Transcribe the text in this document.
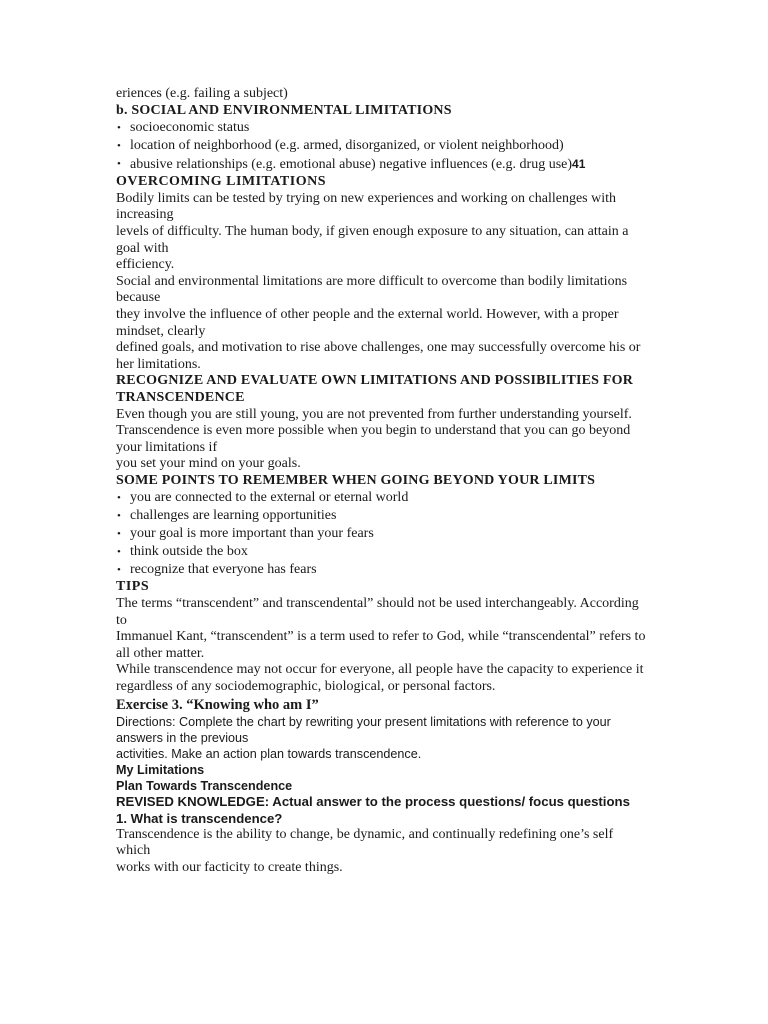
eriences (e.g. failing a subject)

b. SOCIAL AND ENVIRONMENTAL LIMITATIONS

• socioeconomic status
• location of neighborhood (e.g. armed, disorganized, or violent neighborhood)
• abusive relationships (e.g. emotional abuse) negative influences (e.g. drug use)41

OVERCOMING LIMITATIONS

Bodily limits can be tested by trying on new experiences and working on challenges with increasing

levels of difficulty. The human body, if given enough exposure to any situation, can attain a goal with

efficiency.

Social and environmental limitations are more difficult to overcome than bodily limitations because

they involve the influence of other people and the external world. However, with a proper mindset, clearly

defined goals, and motivation to rise above challenges, one may successfully overcome his or her limitations.

RECOGNIZE AND EVALUATE OWN LIMITATIONS AND POSSIBILITIES FOR TRANSCENDENCE

Even though you are still young, you are not prevented from further understanding yourself.

Transcendence is even more possible when you begin to understand that you can go beyond your limitations if

you set your mind on your goals.

SOME POINTS TO REMEMBER WHEN GOING BEYOND YOUR LIMITS

• you are connected to the external or eternal world
• challenges are learning opportunities
• your goal is more important than your fears
• think outside the box
• recognize that everyone has fears

TIPS

The terms “transcendent” and transcendental” should not be used interchangeably. According to

Immanuel Kant, “transcendent” is a term used to refer to God, while “transcendental” refers to all other matter.

While transcendence may not occur for everyone, all people have the capacity to experience it

regardless of any sociodemographic, biological, or personal factors.

Exercise 3. “Knowing who am I”

Directions: Complete the chart by rewriting your present limitations with reference to your answers in the previous

activities. Make an action plan towards transcendence.

My Limitations

Plan Towards Transcendence

REVISED KNOWLEDGE: Actual answer to the process questions/ focus questions

1. What is transcendence?

Transcendence is the ability to change, be dynamic, and continually redefining one’s self which

works with our facticity to create things.
